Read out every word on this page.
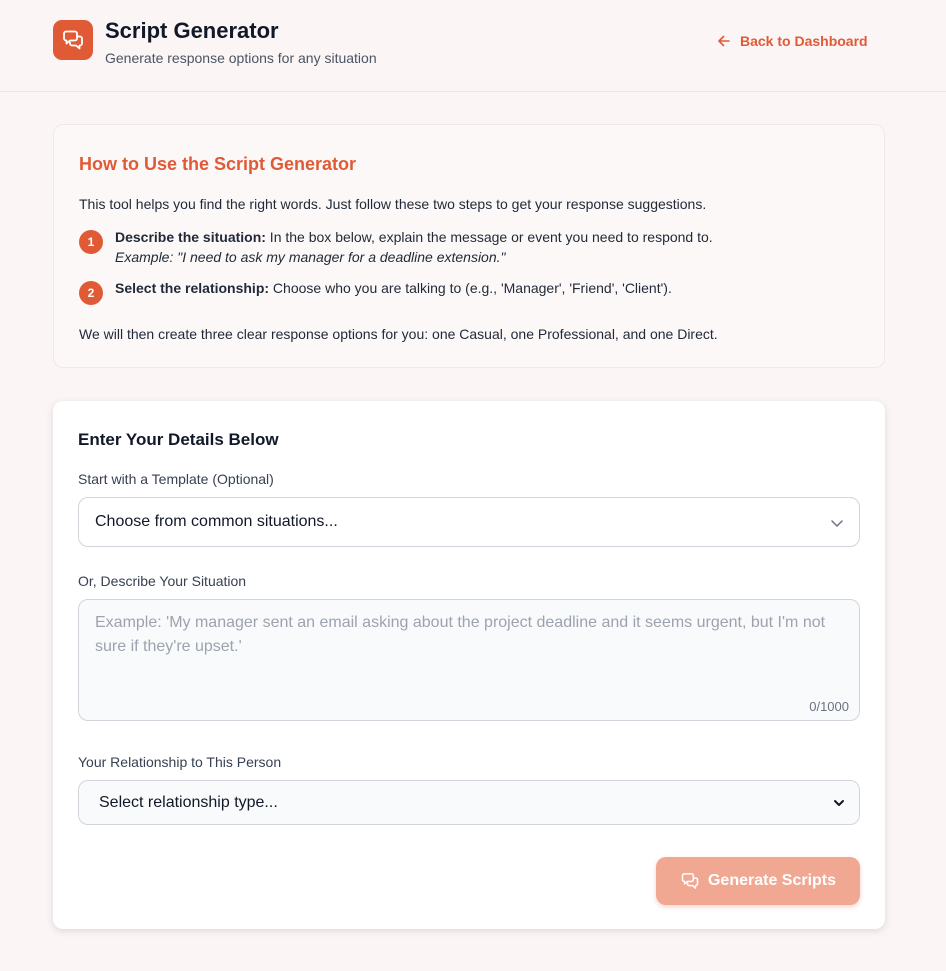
Script Generator
Generate response options for any situation
Back to Dashboard
How to Use the Script Generator

This tool helps you find the right words. Just follow these two steps to get your response suggestions.

1	Describe the situation: In the box below, explain the message or event you need to respond to.
Example: "I need to ask my manager for a deadline extension."
2	Select the relationship: Choose who you are talking to (e.g., 'Manager', 'Friend', 'Client').

We will then create three clear response options for you: one Casual, one Professional, and one Direct.

Enter Your Details Below
Start with a Template (Optional)
Choose from common situations...
Or, Describe Your Situation
Example: 'My manager sent an email asking about the project deadline and it seems urgent, but I'm not sure if they're upset.'
0/1000
Your Relationship to This Person
Select relationship type...
Generate Scripts
